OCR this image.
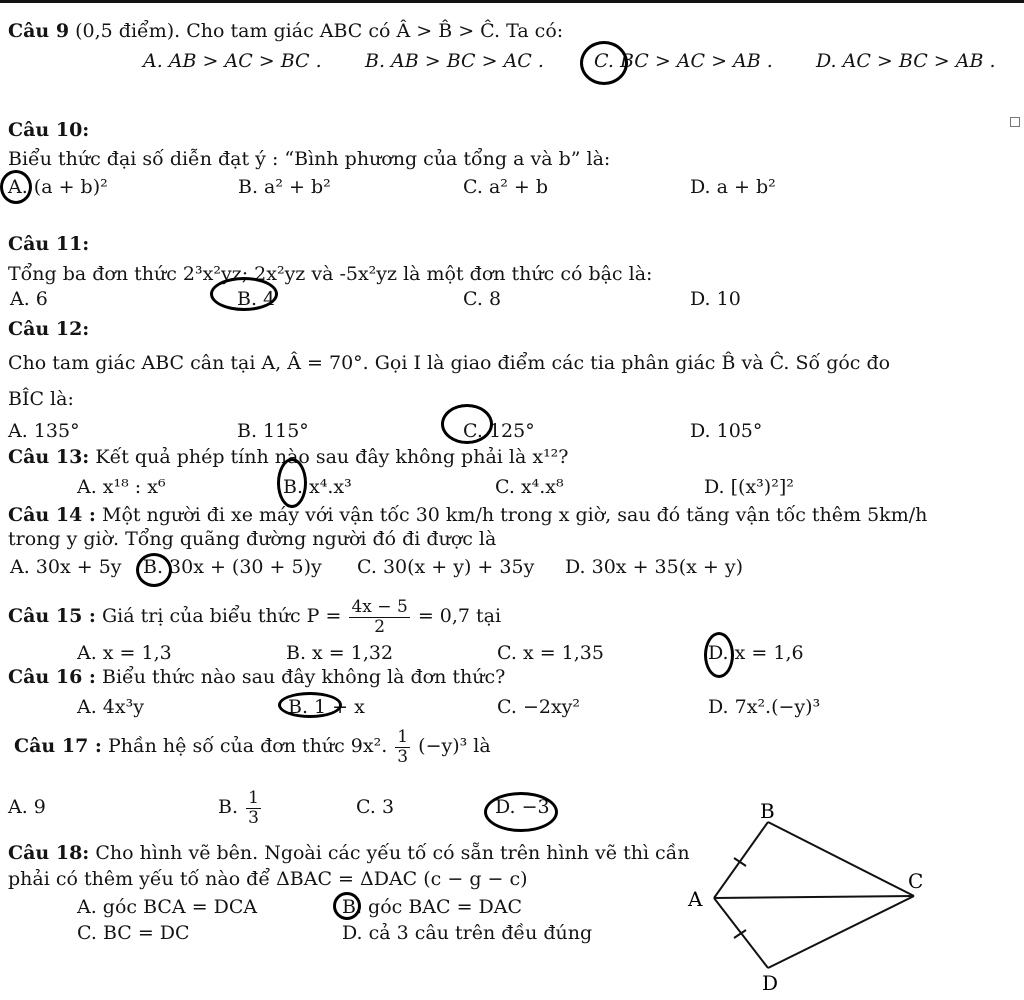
Câu 9 (0,5 điểm). Cho tam giác ABC có Â > B̂ > Ĉ. Ta có:
A. AB > AC > BC . B. AB > BC > AC .	C. BC > AC > AB . D. AC > BC > AB .
Câu 10:
Biểu thức đại số diễn đạt ý : “Bình phương của tổng a và b” là:
A. (a + b)²	B. a² + b²	C. a² + b	D. a + b²
Câu 11:
Tổng ba đơn thức 2³x²yz; 2x²yz và -5x²yz là một đơn thức có bậc là:
A. 6	B. 4	C. 8	D. 10
Câu 12:
Cho tam giác ABC cân tại A, Â = 70°. Gọi I là giao điểm các tia phân giác B̂ và Ĉ. Số góc đo
BÎC là:
A. 135°	B. 115°	C. 125°	D. 105°
Câu 13: Kết quả phép tính nào sau đây không phải là x¹²?
A. x¹⁸ : x⁶	B. x⁴.x³	C. x⁴.x⁸	D. [(x³)²]²
Câu 14 : Một người đi xe máy với vận tốc 30 km/h trong x giờ, sau đó tăng vận tốc thêm 5km/h
trong y giờ. Tổng quãng đường người đó đi được là
A. 30x + 5y B. 30x + (30 + 5)y C. 30(x + y) + 35y D. 30x + 35(x + y)
Câu 15 : Giá trị của biểu thức $P = \frac{4x - 5}{2} = 0,7$ tại
A. x = 1,3	B. x = 1,32	C. x = 1,35	D. x = 1,6
Câu 16 : Biểu thức nào sau đây không là đơn thức?
A. 4x³y	B. 1 + x	C. −2xy²	D. 7x².(−y)³
Câu 17 : Phần hệ số của đơn thức 9x². $\frac{1}{3} (-y)^3$ là
A. 9	B. $\frac{1}{3}$	C. 3	D. −3
Câu 18: Cho hình vẽ bên. Ngoài các yếu tố có sẵn trên hình vẽ thì cần
phải có thêm yếu tố nào để ΔBAC = ΔDAC (c − g − c)
A. góc BCA = DCA	B. góc BAC = DAC
C. BC = DC	D. cả 3 câu trên đều đúng
B
C
A
D
